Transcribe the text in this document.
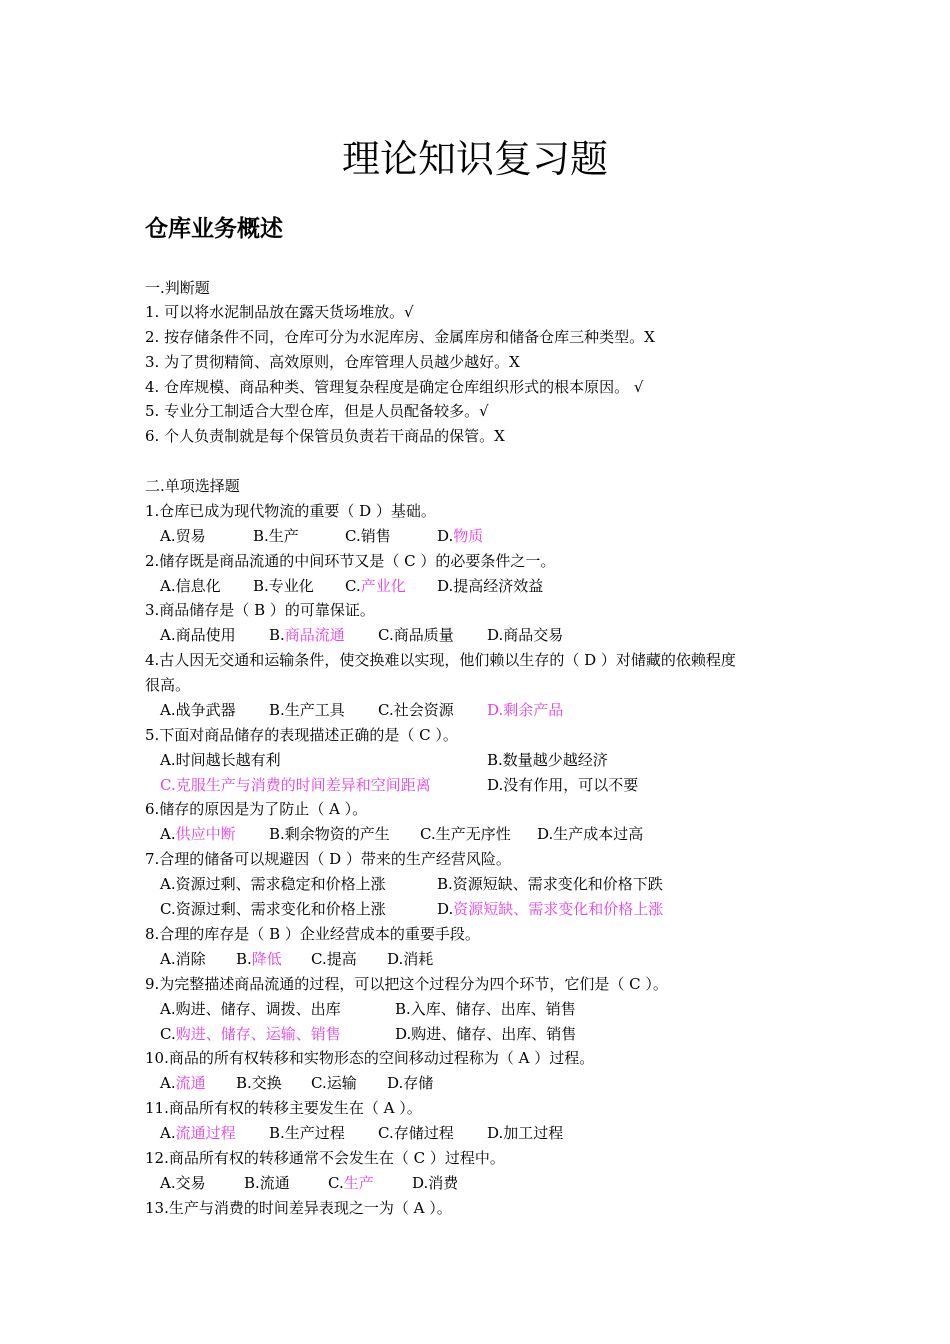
理论知识复习题
仓库业务概述
一.判断题
1. 可以将水泥制品放在露天货场堆放。√
2. 按存储条件不同，仓库可分为水泥库房、金属库房和储备仓库三种类型。X
3. 为了贯彻精简、高效原则，仓库管理人员越少越好。X
4. 仓库规模、商品种类、管理复杂程度是确定仓库组织形式的根本原因。 √
5. 专业分工制适合大型仓库，但是人员配备较多。√
6. 个人负责制就是每个保管员负责若干商品的保管。X
二.单项选择题
1.仓库已成为现代物流的重要（ D ）基础。
A.贸易	B.生产	C.销售	D.物质
2.储存既是商品流通的中间环节又是（ C ）的必要条件之一。
A.信息化 B.专业化 C.产业化 D.提高经济效益
3.商品储存是（ B ）的可靠保证。
A.商品使用 B.商品流通 C.商品质量 D.商品交易
4.古人因无交通和运输条件，使交换难以实现，他们赖以生存的（ D ）对储藏的依赖程度
很高。
A.战争武器 B.生产工具 C.社会资源 D.剩余产品
5.下面对商品储存的表现描述正确的是（ C ）。
A.时间越长越有利	B.数量越少越经济
C.克服生产与消费的时间差异和空间距离	D.没有作用，可以不要
6.储存的原因是为了防止（ A ）。
A.供应中断 B.剩余物资的产生 C.生产无序性 D.生产成本过高
7.合理的储备可以规避因（ D ）带来的生产经营风险。
A.资源过剩、需求稳定和价格上涨	B.资源短缺、需求变化和价格下跌
C.资源过剩、需求变化和价格上涨	D.资源短缺、需求变化和价格上涨
8.合理的库存是（ B ）企业经营成本的重要手段。
A.消除 B.降低 C.提高 D.消耗
9.为完整描述商品流通的过程，可以把这个过程分为四个环节，它们是（ C ）。
A.购进、储存、调拨、出库	B.入库、储存、出库、销售
C.购进、储存、运输、销售	D.购进、储存、出库、销售
10.商品的所有权转移和实物形态的空间移动过程称为（ A ）过程。
A.流通 B.交换 C.运输 D.存储
11.商品所有权的转移主要发生在（ A ）。
A.流通过程 B.生产过程 C.存储过程 D.加工过程
12.商品所有权的转移通常不会发生在（ C ）过程中。
A.交易	B.流通	C.生产	D.消费
13.生产与消费的时间差异表现之一为（ A ）。
